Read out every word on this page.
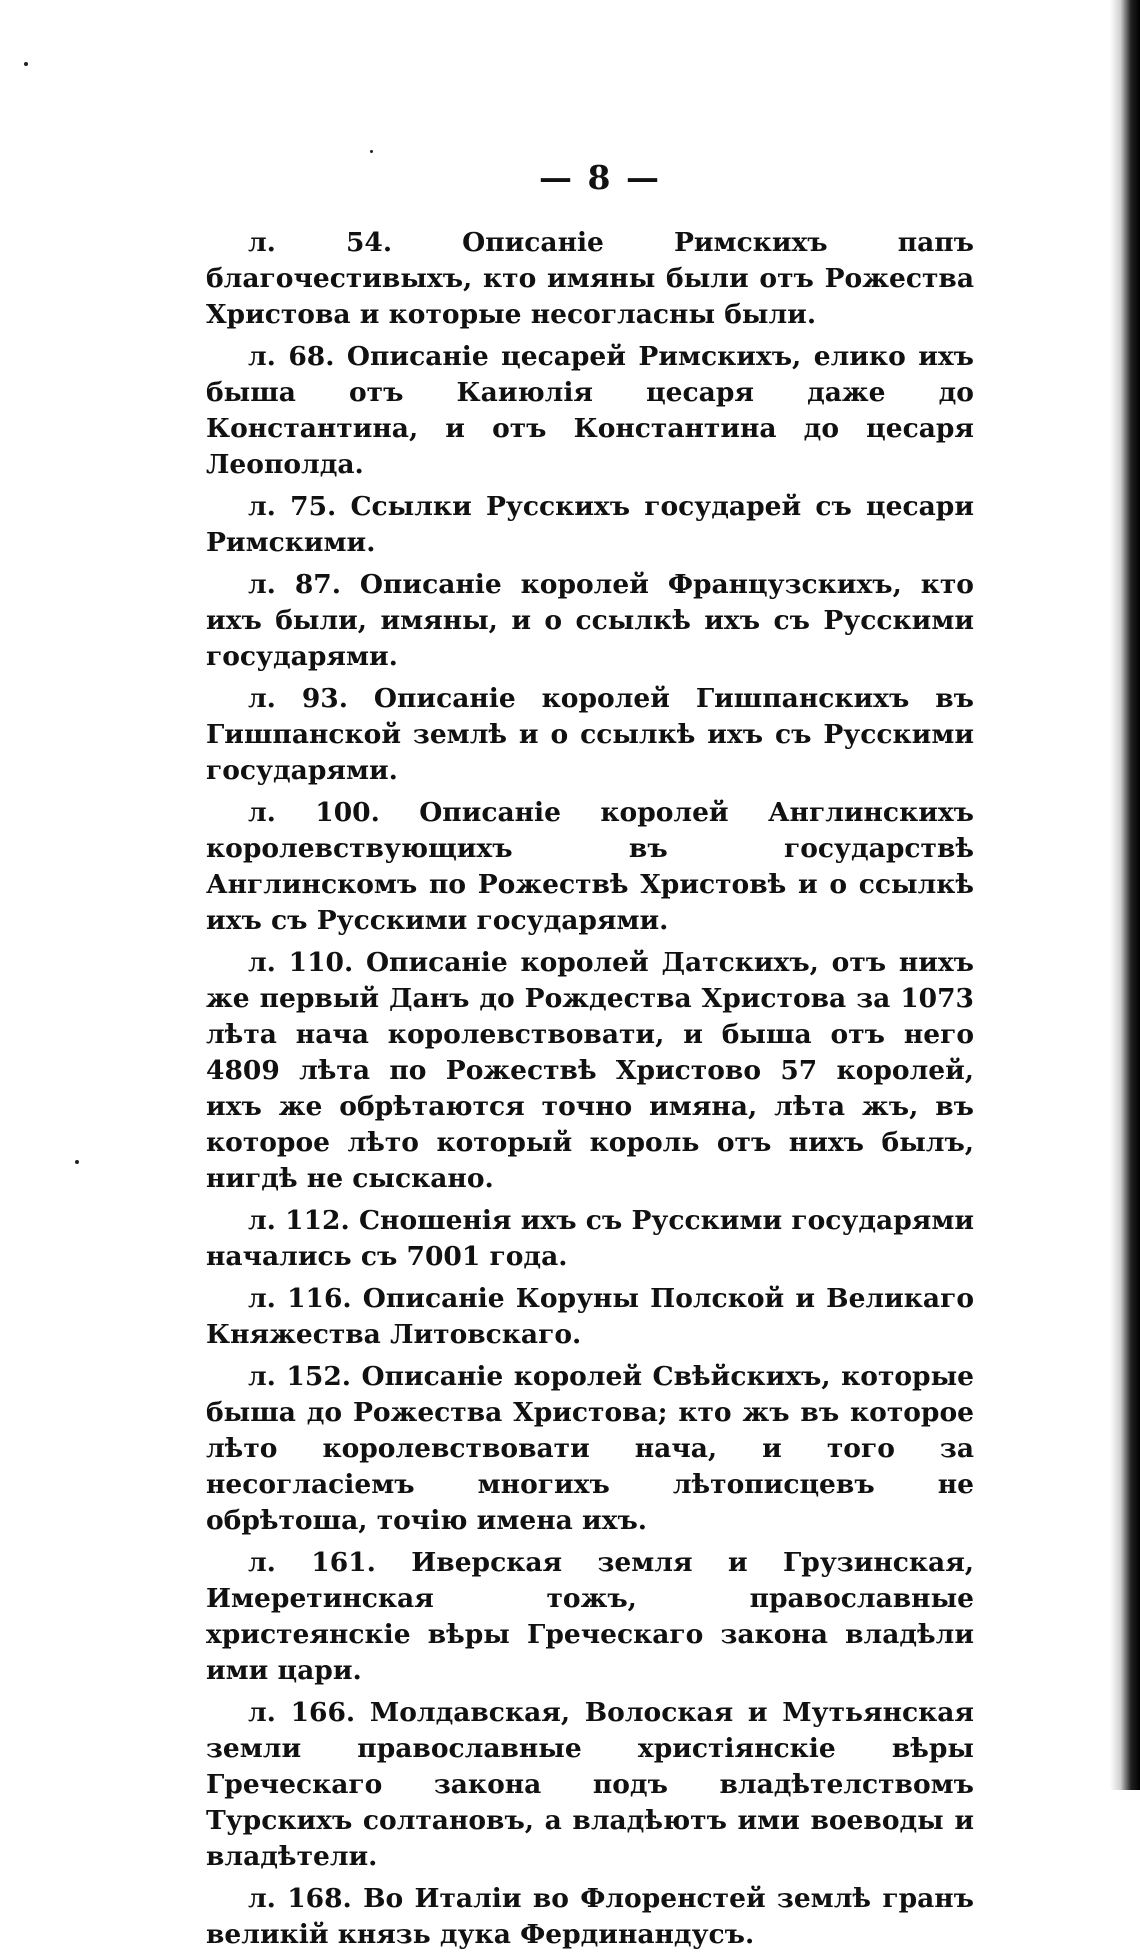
— 8 —

л. 54. Описанiе Римскихъ папъ благочестивыхъ, кто имяны были отъ Рожества Христова и которые несогласны были.

л. 68. Описанiе цесарей Римскихъ, елико ихъ быша отъ Каиюлiя цесаря даже до Константина, и отъ Константина до цесаря Леополда.

л. 75. Ссылки Русскихъ государей съ цесари Римскими.

л. 87. Описанiе королей Французскихъ, кто ихъ были, имяны, и о ссылкѣ ихъ съ Русскими государями.

л. 93. Описанiе королей Гишпанскихъ въ Гишпанской землѣ и о ссылкѣ ихъ съ Русскими государями.

л. 100. Описанiе королей Англинскихъ королевствующихъ въ государствѣ Англинскомъ по Рожествѣ Христовѣ и о ссылкѣ ихъ съ Русскими государями.

л. 110. Описанiе королей Датскихъ, отъ нихъ же первый Данъ до Рождества Христова за 1073 лѣта нача королевствовати, и быша отъ него 4809 лѣта по Рожествѣ Христово 57 королей, ихъ же обрѣтаются точно имяна, лѣта жъ, въ которое лѣто который король отъ нихъ былъ, нигдѣ не сыскано.

л. 112. Сношенiя ихъ съ Русскими государями начались съ 7001 года.

л. 116. Описанiе Коруны Полской и Великаго Княжества Литовскаго.

л. 152. Описанiе королей Свѣйскихъ, которые быша до Рожества Христова; кто жъ въ которое лѣто королевствовати нача, и того за несогласiемъ многихъ лѣтописцевъ не обрѣтоша, точiю имена ихъ.

л. 161. Иверская земля и Грузинская, Имеретинская тожъ, православные христеянскiе вѣры Греческаго закона владѣли ими цари.

л. 166. Молдавская, Волоская и Мутьянская земли православные христiянскiе вѣры Греческаго закона подъ владѣтелствомъ Турскихъ солтановъ, а владѣютъ ими воеводы и владѣтели.

л. 168. Во Италiи во Флоренстей землѣ гранъ великiй князь дука Фердинандусъ.
